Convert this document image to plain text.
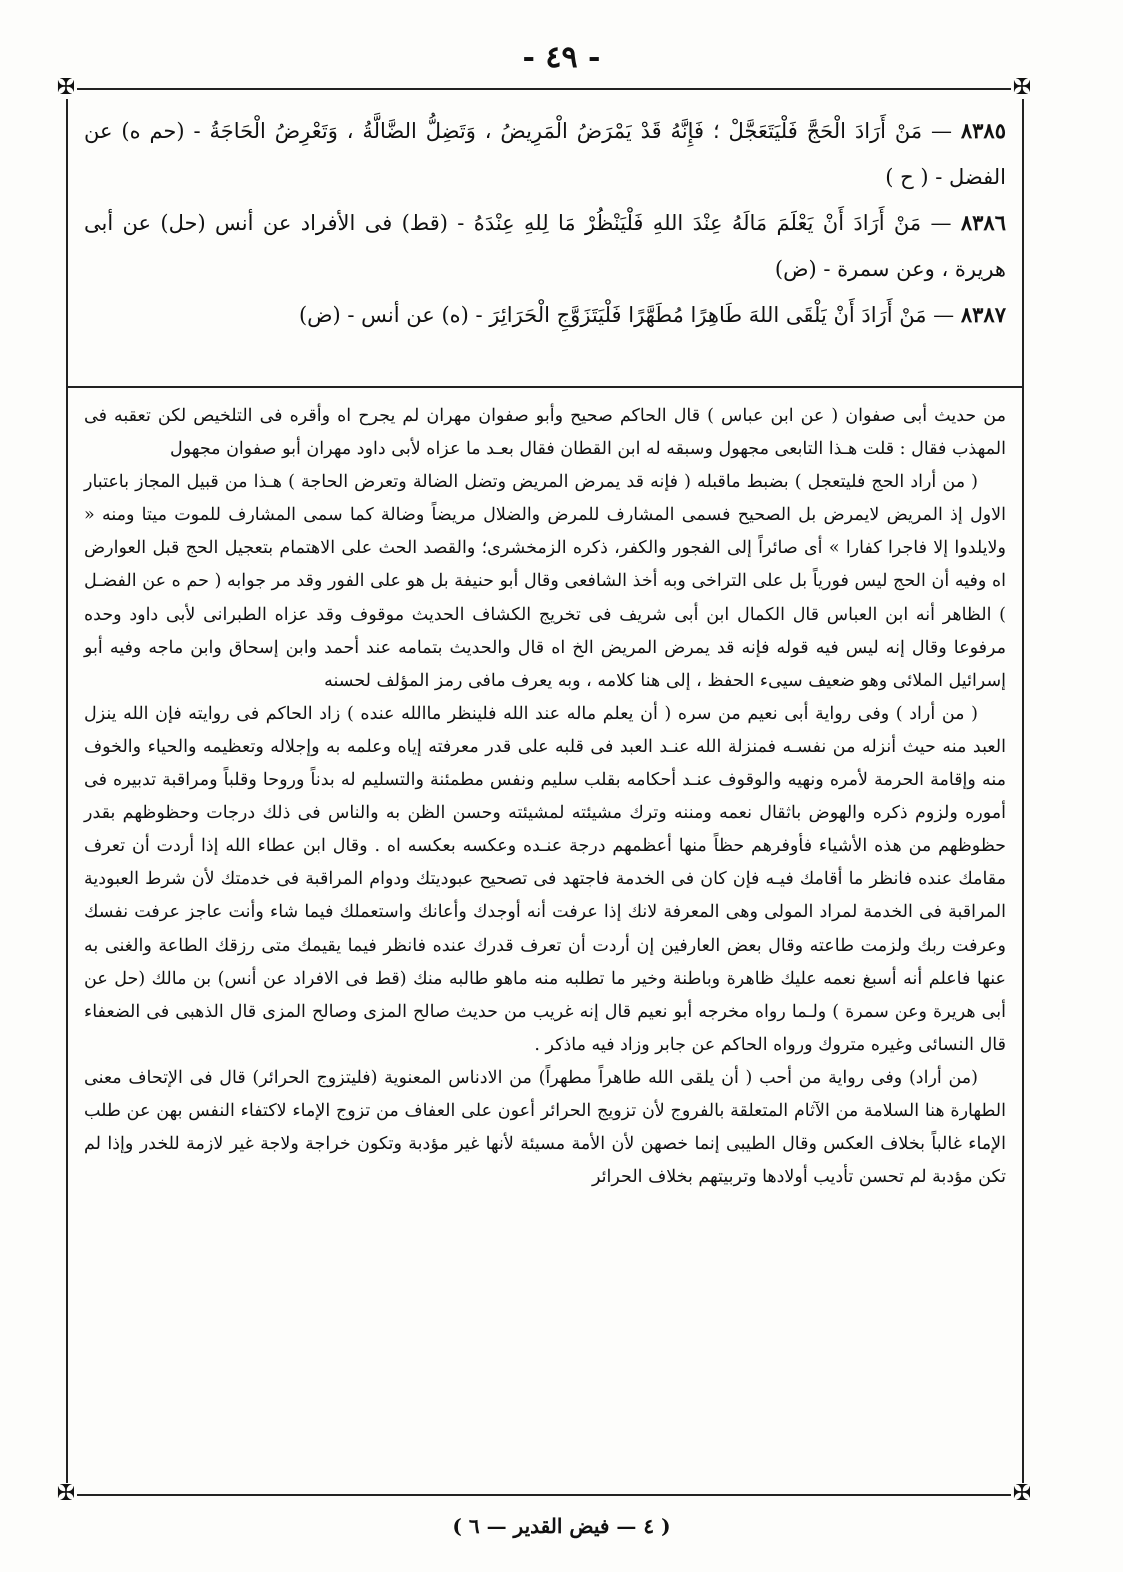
- ٤٩ -
✠	✠
✠	✠

٨٣٨٥ — مَنْ أَرَادَ الْحَجَّ فَلْيَتَعَجَّلْ ؛ فَإِنَّهُ قَدْ يَمْرَضُ الْمَرِيضُ ، وَتَضِلُّ الضَّالَّةُ ، وَتَعْرِضُ الْحَاجَةُ - (حم ه) عن الفضل - ( ح )

٨٣٨٦ — مَنْ أَرَادَ أَنْ يَعْلَمَ مَالَهُ عِنْدَ اللهِ فَلْيَنْظُرْ مَا لِلهِ عِنْدَهُ - (قط) فى الأفراد عن أنس (حل) عن أبى هريرة ، وعن سمرة - (ض)

٨٣٨٧ — مَنْ أَرَادَ أَنْ يَلْقَى اللهَ طَاهِرًا مُطَهَّرًا فَلْيَتَزَوَّجِ الْحَرَائِرَ - (ه) عن أنس - (ض)

من حديث أبى صفوان ( عن ابن عباس ) قال الحاكم صحيح وأبو صفوان مهران لم يجرح اه وأقره فى التلخيص لكن تعقبه فى المهذب فقال : قلت هـذا التابعى مجهول وسبقه له ابن القطان فقال بعـد ما عزاه لأبى داود مهران أبو صفوان مجهول

( من أراد الحج فليتعجل ) بضبط ماقبله ( فإنه قد يمرض المريض وتضل الضالة وتعرض الحاجة ) هـذا من قبيل المجاز باعتبار الاول إذ المريض لايمرض بل الصحيح فسمى المشارف للمرض والضلال مريضاً وضالة كما سمى المشارف للموت ميتا ومنه « ولايلدوا إلا فاجرا كفارا » أى صائراً إلى الفجور والكفر، ذكره الزمخشرى؛ والقصد الحث على الاهتمام بتعجيل الحج قبل العوارض اه وفيه أن الحج ليس فورياً بل على التراخى وبه أخذ الشافعى وقال أبو حنيفة بل هو على الفور وقد مر جوابه ( حم ه عن الفضـل ) الظاهر أنه ابن العباس قال الكمال ابن أبى شريف فى تخريج الكشاف الحديث موقوف وقد عزاه الطبرانى لأبى داود وحده مرفوعا وقال إنه ليس فيه قوله فإنه قد يمرض المريض الخ اه قال والحديث بتمامه عند أحمد وابن إسحاق وابن ماجه وفيه أبو إسرائيل الملائى وهو ضعيف سيىء الحفظ ، إلى هنا كلامه ، وبه يعرف مافى رمز المؤلف لحسنه

( من أراد ) وفى رواية أبى نعيم من سره ( أن يعلم ماله عند الله فلينظر ماالله عنده ) زاد الحاكم فى روايته فإن الله ينزل العبد منه حيث أنزله من نفسـه فمنزلة الله عنـد العبد فى قلبه على قدر معرفته إياه وعلمه به وإجلاله وتعظيمه والحياء والخوف منه وإقامة الحرمة لأمره ونهيه والوقوف عنـد أحكامه بقلب سليم ونفس مطمئنة والتسليم له بدناً وروحا وقلباً ومراقبة تدبيره فى أموره ولزوم ذكره والهوض باثقال نعمه ومننه وترك مشيئته لمشيئته وحسن الظن به والناس فى ذلك درجات وحظوظهم بقدر حظوظهم من هذه الأشياء فأوفرهم حظاً منها أعظمهم درجة عنـده وعكسه بعكسه اه . وقال ابن عطاء الله إذا أردت أن تعرف مقامك عنده فانظر ما أقامك فيـه فإن كان فى الخدمة فاجتهد فى تصحيح عبوديتك ودوام المراقبة فى خدمتك لأن شرط العبودية المراقبة فى الخدمة لمراد المولى وهى المعرفة لانك إذا عرفت أنه أوجدك وأعانك واستعملك فيما شاء وأنت عاجز عرفت نفسك وعرفت ربك ولزمت طاعته وقال بعض العارفين إن أردت أن تعرف قدرك عنده فانظر فيما يقيمك متى رزقك الطاعة والغنى به عنها فاعلم أنه أسبغ نعمه عليك ظاهرة وباطنة وخير ما تطلبه منه ماهو طالبه منك (قط فى الافراد عن أنس) بن مالك (حل عن أبى هريرة وعن سمرة ) ولـما رواه مخرجه أبو نعيم قال إنه غريب من حديث صالح المزى وصالح المزى قال الذهبى فى الضعفاء قال النسائى وغيره متروك ورواه الحاكم عن جابر وزاد فيه ماذكر .

(من أراد) وفى رواية من أحب ( أن يلقى الله طاهراً مطهراً) من الادناس المعنوية (فليتزوج الحرائر) قال فى الإتحاف معنى الطهارة هنا السلامة من الآثام المتعلقة بالفروج لأن تزويج الحرائر أعون على العفاف من تزوج الإماء لاكتفاء النفس بهن عن طلب الإماء غالباً بخلاف العكس وقال الطيبى إنما خصهن لأن الأمة مسيئة لأنها غير مؤدبة وتكون خراجة ولاجة غير لازمة للخدر وإذا لم تكن مؤدبة لم تحسن تأديب أولادها وتربيتهم بخلاف الحرائر

( ٤ — فيض القدير — ٦ )
